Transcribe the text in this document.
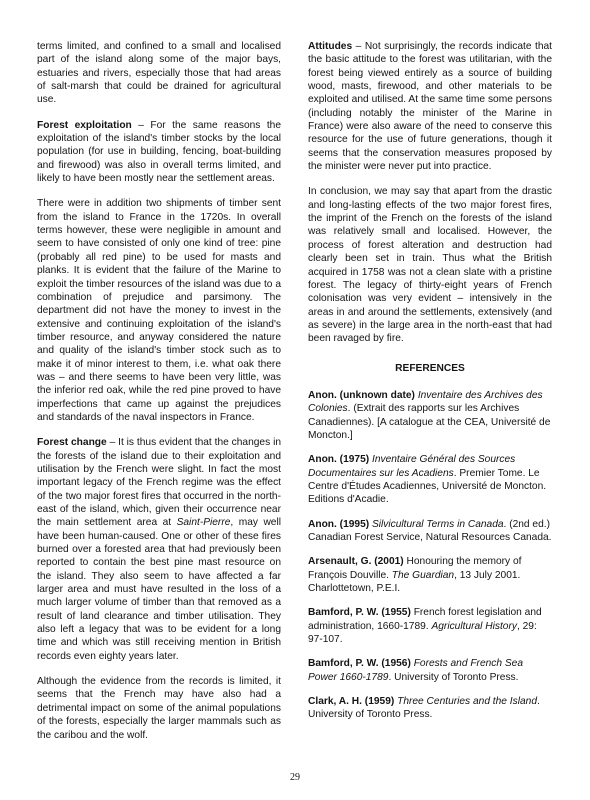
terms limited, and confined to a small and localised part of the island along some of the major bays, estuaries and rivers, especially those that had areas of salt-marsh that could be drained for agricultural use.

Forest exploitation – For the same reasons the exploitation of the island's timber stocks by the local population (for use in building, fencing, boat-building and firewood) was also in overall terms limited, and likely to have been mostly near the settlement areas.

There were in addition two shipments of timber sent from the island to France in the 1720s. In overall terms however, these were negligible in amount and seem to have consisted of only one kind of tree: pine (probably all red pine) to be used for masts and planks. It is evident that the failure of the Marine to exploit the timber resources of the island was due to a combination of prejudice and parsimony. The department did not have the money to invest in the extensive and continuing exploitation of the island's timber resource, and anyway considered the nature and quality of the island's timber stock such as to make it of minor interest to them, i.e. what oak there was – and there seems to have been very little, was the inferior red oak, while the red pine proved to have imperfections that came up against the prejudices and standards of the naval inspectors in France.

Forest change – It is thus evident that the changes in the forests of the island due to their exploitation and utilisation by the French were slight. In fact the most important legacy of the French regime was the effect of the two major forest fires that occurred in the north-east of the island, which, given their occurrence near the main settlement area at Saint-Pierre, may well have been human-caused. One or other of these fires burned over a forested area that had previously been reported to contain the best pine mast resource on the island. They also seem to have affected a far larger area and must have resulted in the loss of a much larger volume of timber than that removed as a result of land clearance and timber utilisation. They also left a legacy that was to be evident for a long time and which was still receiving mention in British records even eighty years later.

Although the evidence from the records is limited, it seems that the French may have also had a detrimental impact on some of the animal populations of the forests, especially the larger mammals such as the caribou and the wolf.

Attitudes – Not surprisingly, the records indicate that the basic attitude to the forest was utilitarian, with the forest being viewed entirely as a source of building wood, masts, firewood, and other materials to be exploited and utilised. At the same time some persons (including notably the minister of the Marine in France) were also aware of the need to conserve this resource for the use of future generations, though it seems that the conservation measures proposed by the minister were never put into practice.

In conclusion, we may say that apart from the drastic and long-lasting effects of the two major forest fires, the imprint of the French on the forests of the island was relatively small and localised. However, the process of forest alteration and destruction had clearly been set in train. Thus what the British acquired in 1758 was not a clean slate with a pristine forest. The legacy of thirty-eight years of French colonisation was very evident – intensively in the areas in and around the settlements, extensively (and as severe) in the large area in the north-east that had been ravaged by fire.

REFERENCES

Anon. (unknown date) Inventaire des Archives des Colonies. (Extrait des rapports sur les Archives Canadiennes). [A catalogue at the CEA, Université de Moncton.]

Anon. (1975) Inventaire Général des Sources Documentaires sur les Acadiens. Premier Tome. Le Centre d'Études Acadiennes, Université de Moncton. Editions d'Acadie.

Anon. (1995) Silvicultural Terms in Canada. (2nd ed.) Canadian Forest Service, Natural Resources Canada.

Arsenault, G. (2001) Honouring the memory of François Douville. The Guardian, 13 July 2001. Charlottetown, P.E.I.

Bamford, P. W. (1955) French forest legislation and administration, 1660-1789. Agricultural History, 29: 97-107.

Bamford, P. W. (1956) Forests and French Sea Power 1660-1789. University of Toronto Press.

Clark, A. H. (1959) Three Centuries and the Island. University of Toronto Press.

29
